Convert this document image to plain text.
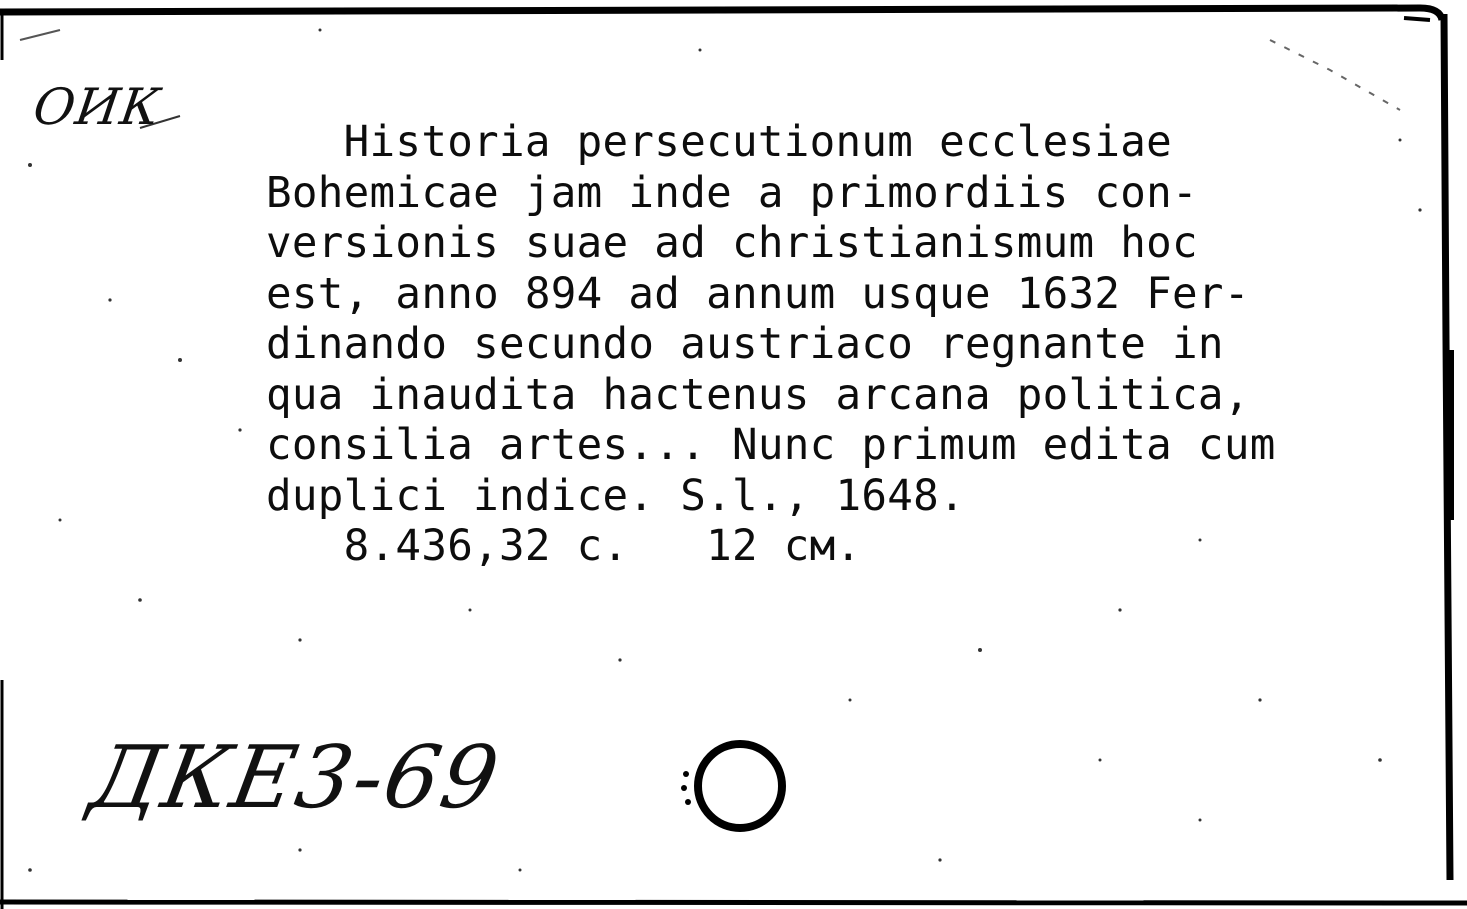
ОИК

Historia persecutionum ecclesiae
Bohemicae jam inde a primordiis con-
versionis suae ad christianismum hoc
est, anno 894 ad annum usque 1632 Fer-
dinando secundo austriaco regnante in
qua inaudita hactenus arcana politica,
consilia artes... Nunc primum edita cum
duplici indice. S.l., 1648.
8.436,32 c.   12 см.

ДКЕ3-69
